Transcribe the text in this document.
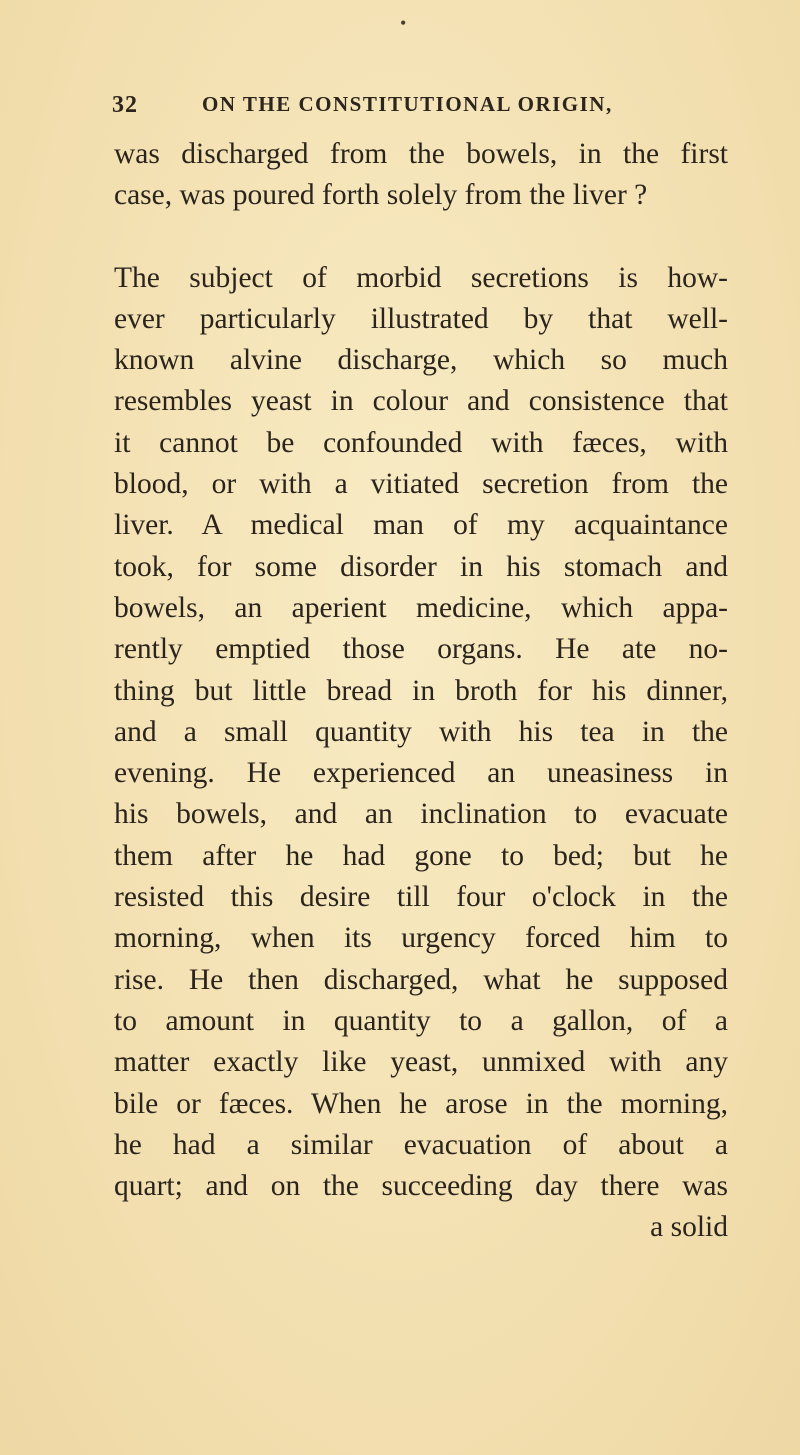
•
32	ON THE CONSTITUTIONAL ORIGIN,
was discharged from the bowels, in the first
case, was poured forth solely from the liver ?
The subject of morbid secretions is how-
ever particularly illustrated by that well-
known alvine discharge, which so much
resembles yeast in colour and consistence that
it cannot be confounded with fæces, with
blood, or with a vitiated secretion from the
liver. A medical man of my acquaintance
took, for some disorder in his stomach and
bowels, an aperient medicine, which appa-
rently emptied those organs. He ate no-
thing but little bread in broth for his dinner,
and a small quantity with his tea in the
evening. He experienced an uneasiness in
his bowels, and an inclination to evacuate
them after he had gone to bed; but he
resisted this desire till four o'clock in the
morning, when its urgency forced him to
rise. He then discharged, what he supposed
to amount in quantity to a gallon, of a
matter exactly like yeast, unmixed with any
bile or fæces. When he arose in the morning,
he had a similar evacuation of about a
quart; and on the succeeding day there was
a solid
